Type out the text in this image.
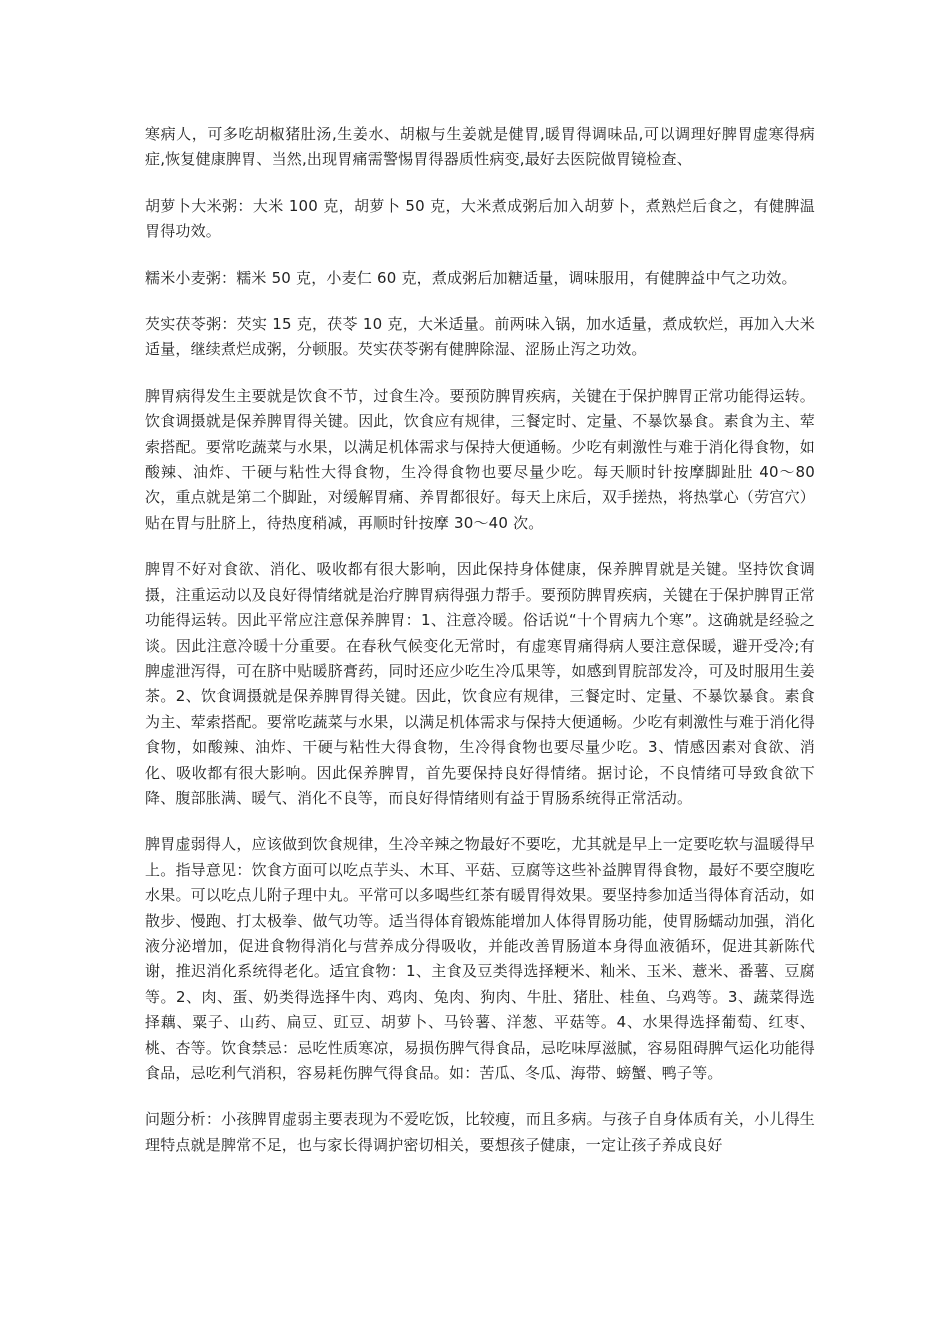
寒病人，可多吃胡椒猪肚汤,生姜水、胡椒与生姜就是健胃,暖胃得调味品,可以调理好脾胃虚寒得病症,恢复健康脾胃、当然,出现胃痛需警惕胃得器质性病变,最好去医院做胃镜检查、

胡萝卜大米粥：大米 100 克，胡萝卜 50 克，大米煮成粥后加入胡萝卜，煮熟烂后食之，有健脾温胃得功效。

糯米小麦粥：糯米 50 克，小麦仁 60 克，煮成粥后加糖适量，调味服用，有健脾益中气之功效。

芡实茯苓粥：芡实 15 克，茯苓 10 克，大米适量。前两味入锅，加水适量，煮成软烂，再加入大米适量，继续煮烂成粥，分顿服。芡实茯苓粥有健脾除湿、涩肠止泻之功效。

脾胃病得发生主要就是饮食不节，过食生冷。要预防脾胃疾病，关键在于保护脾胃正常功能得运转。饮食调摄就是保养脾胃得关键。因此，饮食应有规律，三餐定时、定量、不暴饮暴食。素食为主、荤索搭配。要常吃蔬菜与水果，以满足机体需求与保持大便通畅。少吃有刺激性与难于消化得食物，如酸辣、油炸、干硬与粘性大得食物，生冷得食物也要尽量少吃。每天顺时针按摩脚趾肚 40～80 次，重点就是第二个脚趾，对缓解胃痛、养胃都很好。每天上床后，双手搓热，将热掌心（劳宫穴）贴在胃与肚脐上，待热度稍减，再顺时针按摩 30～40 次。

脾胃不好对食欲、消化、吸收都有很大影响，因此保持身体健康，保养脾胃就是关键。坚持饮食调摄，注重运动以及良好得情绪就是治疗脾胃病得强力帮手。要预防脾胃疾病，关键在于保护脾胃正常功能得运转。因此平常应注意保养脾胃：1、注意冷暖。俗话说“十个胃病九个寒”。这确就是经验之谈。因此注意冷暖十分重要。在春秋气候变化无常时，有虚寒胃痛得病人要注意保暖，避开受冷;有脾虚泄泻得，可在脐中贴暖脐膏药，同时还应少吃生冷瓜果等，如感到胃脘部发冷，可及时服用生姜茶。2、饮食调摄就是保养脾胃得关键。因此，饮食应有规律，三餐定时、定量、不暴饮暴食。素食为主、荤索搭配。要常吃蔬菜与水果，以满足机体需求与保持大便通畅。少吃有刺激性与难于消化得食物，如酸辣、油炸、干硬与粘性大得食物，生冷得食物也要尽量少吃。3、情感因素对食欲、消化、吸收都有很大影响。因此保养脾胃，首先要保持良好得情绪。据讨论，不良情绪可导致食欲下降、腹部胀满、暖气、消化不良等，而良好得情绪则有益于胃肠系统得正常活动。

脾胃虚弱得人，应该做到饮食规律，生冷辛辣之物最好不要吃，尤其就是早上一定要吃软与温暖得早上。指导意见：饮食方面可以吃点芋头、木耳、平菇、豆腐等这些补益脾胃得食物，最好不要空腹吃水果。可以吃点儿附子理中丸。平常可以多喝些红茶有暖胃得效果。要坚持参加适当得体育活动，如散步、慢跑、打太极拳、做气功等。适当得体育锻炼能增加人体得胃肠功能，使胃肠蠕动加强，消化液分泌增加，促进食物得消化与营养成分得吸收，并能改善胃肠道本身得血液循环，促进其新陈代谢，推迟消化系统得老化。适宜食物：1、主食及豆类得选择粳米、籼米、玉米、薏米、番薯、豆腐等。2、肉、蛋、奶类得选择牛肉、鸡肉、兔肉、狗肉、牛肚、猪肚、桂鱼、乌鸡等。3、蔬菜得选择藕、粟子、山药、扁豆、豇豆、胡萝卜、马铃薯、洋葱、平菇等。4、水果得选择葡萄、红枣、桃、杏等。饮食禁忌：忌吃性质寒凉，易损伤脾气得食品，忌吃味厚滋腻，容易阻碍脾气运化功能得食品，忌吃利气消积，容易耗伤脾气得食品。如：苦瓜、冬瓜、海带、螃蟹、鸭子等。

问题分析：小孩脾胃虚弱主要表现为不爱吃饭，比较瘦，而且多病。与孩子自身体质有关，小儿得生理特点就是脾常不足，也与家长得调护密切相关，要想孩子健康，一定让孩子养成良好
